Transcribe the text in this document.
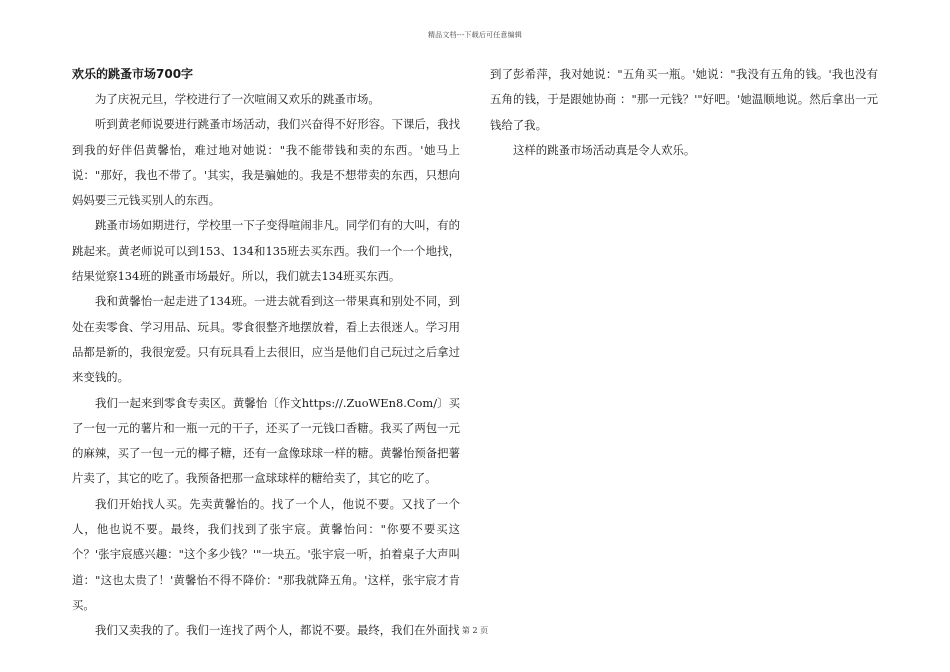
精品文档---下载后可任意编辑
欢乐的跳蚤市场700字

为了庆祝元旦，学校进行了一次喧闹又欢乐的跳蚤市场。

听到黄老师说要进行跳蚤市场活动，我们兴奋得不好形容。下课后，我找到我的好伴侣黄馨怡，难过地对她说："我不能带钱和卖的东西。'她马上说："那好，我也不带了。'其实，我是骗她的。我是不想带卖的东西，只想向妈妈要三元钱买别人的东西。

跳蚤市场如期进行，学校里一下子变得喧闹非凡。同学们有的大叫，有的跳起来。黄老师说可以到153、134和135班去买东西。我们一个一个地找，结果觉察134班的跳蚤市场最好。所以，我们就去134班买东西。

我和黄馨怡一起走进了134班。一进去就看到这一带果真和别处不同，到处在卖零食、学习用品、玩具。零食很整齐地摆放着，看上去很迷人。学习用品都是新的，我很宠爱。只有玩具看上去很旧，应当是他们自己玩过之后拿过来变钱的。

我们一起来到零食专卖区。黄馨怡〔作文https://.ZuoWEn8.Com/〕买了一包一元的薯片和一瓶一元的干子，还买了一元钱口香糖。我买了两包一元的麻辣，买了一包一元的椰子糖，还有一盒像球球一样的糖。黄馨怡预备把薯片卖了，其它的吃了。我预备把那一盒球球样的糖给卖了，其它的吃了。

我们开始找人买。先卖黄馨怡的。找了一个人，他说不要。又找了一个人，他也说不要。最终，我们找到了张宇宸。黄馨怡问："你要不要买这个？'张宇宸感兴趣："这个多少钱？'"一块五。'张宇宸一听，拍着桌子大声叫道："这也太贵了！'黄馨怡不得不降价："那我就降五角。'这样，张宇宸才肯买。

我们又卖我的了。我们一连找了两个人，都说不要。最终，我们在外面找

到了彭希萍，我对她说："五角买一瓶。'她说："我没有五角的钱。'我也没有五角的钱，于是跟她协商 ："那一元钱？'"好吧。'她温顺地说。然后拿出一元钱给了我。

这样的跳蚤市场活动真是令人欢乐。

第 2 页
